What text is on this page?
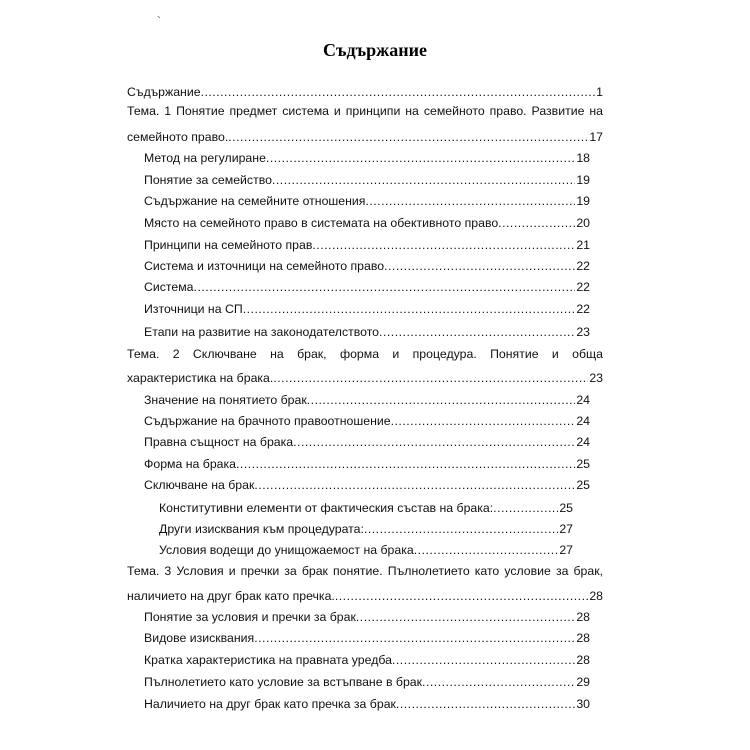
`
Съдържание
Съдържание .....	1
Тема. 1 Понятие предмет система и принципи на семейното право. Развитие на
семейното право. .....	17
Метод на регулиране .....	18
Понятие за семейство .....	19
Съдържание на семейните отношения .....	19
Място на семейното право в системата на обективното право .....	20
Принципи на семейното прав .....	21
Система и източници на семейното право .....	22
Система .....	22
Източници на СП .....	22
Етапи на развитие на законодателството .....	23
Тема. 2 Сключване на брак, форма и процедура. Понятие и обща
характеристика на брака. .....	23
Значение на понятието брак .....	24
Съдържание на брачното правоотношение .....	24
Правна същност на брака .....	24
Форма на брака .....	25
Сключване на брак .....	25
Конститутивни елементи от фактическия състав на брака: .....	25
Други изисквания към процедурата: .....	27
Условия водещи до унищожаемост на брака .....	27
Тема. 3 Условия и пречки за брак понятие. Пълнолетието като условие за брак,
наличието на друг брак като пречка. .....	28
Понятие за условия и пречки за брак .....	28
Видове изисквания .....	28
Кратка характеристика на правната уредба .....	28
Пълнолетието като условие за встъпване в брак .....	29
Наличието на друг брак като пречка за брак .....	30
